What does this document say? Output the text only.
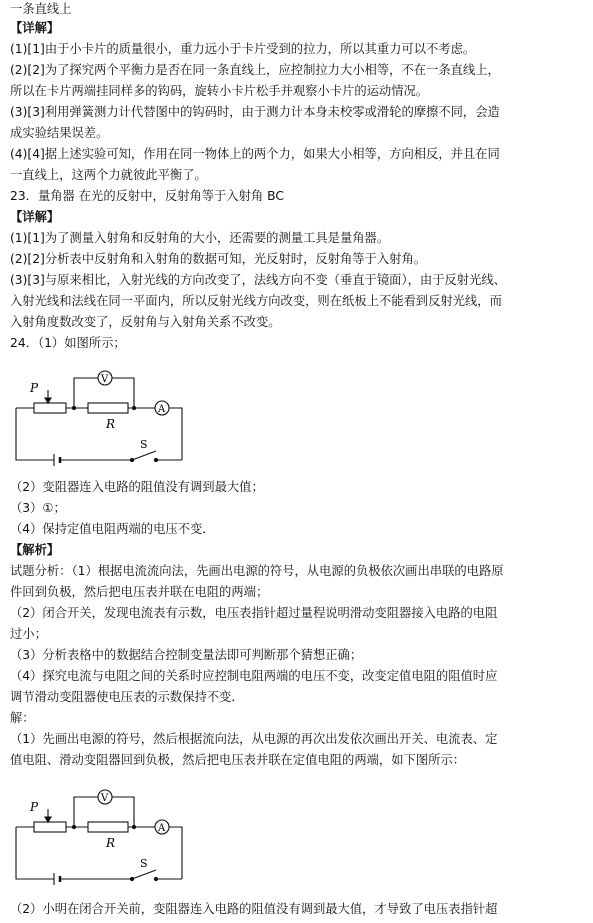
一条直线上
【详解】
(1)[1]由于小卡片的质量很小，重力远小于卡片受到的拉力，所以其重力可以不考虑。
(2)[2]为了探究两个平衡力是否在同一条直线上，应控制拉力大小相等，不在一条直线上，
所以在卡片两端挂同样多的钩码，旋转小卡片松手并观察小卡片的运动情况。
(3)[3]利用弹簧测力计代替图中的钩码时，由于测力计本身未校零或滑轮的摩擦不同，会造
成实验结果误差。
(4)[4]据上述实验可知，作用在同一物体上的两个力，如果大小相等，方向相反，并且在同
一直线上，这两个力就彼此平衡了。
23．量角器 在光的反射中，反射角等于入射角 BC
【详解】
(1)[1]为了测量入射角和反射角的大小，还需要的测量工具是量角器。
(2)[2]分析表中反射角和入射角的数据可知，光反射时，反射角等于入射角。
(3)[3]与原来相比，入射光线的方向改变了，法线方向不变（垂直于镜面），由于反射光线、
入射光线和法线在同一平面内，所以反射光线方向改变，则在纸板上不能看到反射光线，而
入射角度数改变了，反射角与入射角关系不改变。
24．（1）如图所示；
P
R
V
A
S
（2）变阻器连入电路的阻值没有调到最大值；
（3）①；
（4）保持定值电阻两端的电压不变．
【解析】
试题分析：（1）根据电流流向法，先画出电源的符号，从电源的负极依次画出串联的电路原
件回到负极，然后把电压表并联在电阻的两端；
（2）闭合开关，发现电流表有示数，电压表指针超过量程说明滑动变阻器接入电路的电阻
过小；
（3）分析表格中的数据结合控制变量法即可判断那个猜想正确；
（4）探究电流与电阻之间的关系时应控制电阻两端的电压不变，改变定值电阻的阻值时应
调节滑动变阻器使电压表的示数保持不变．
解：
（1）先画出电源的符号，然后根据流向法，从电源的再次出发依次画出开关、电流表、定
值电阻、滑动变阻器回到负极，然后把电压表并联在定值电阻的两端，如下图所示：
P
R
V
A
S
（2）小明在闭合开关前，变阻器连入电路的阻值没有调到最大值，才导致了电压表指针超
